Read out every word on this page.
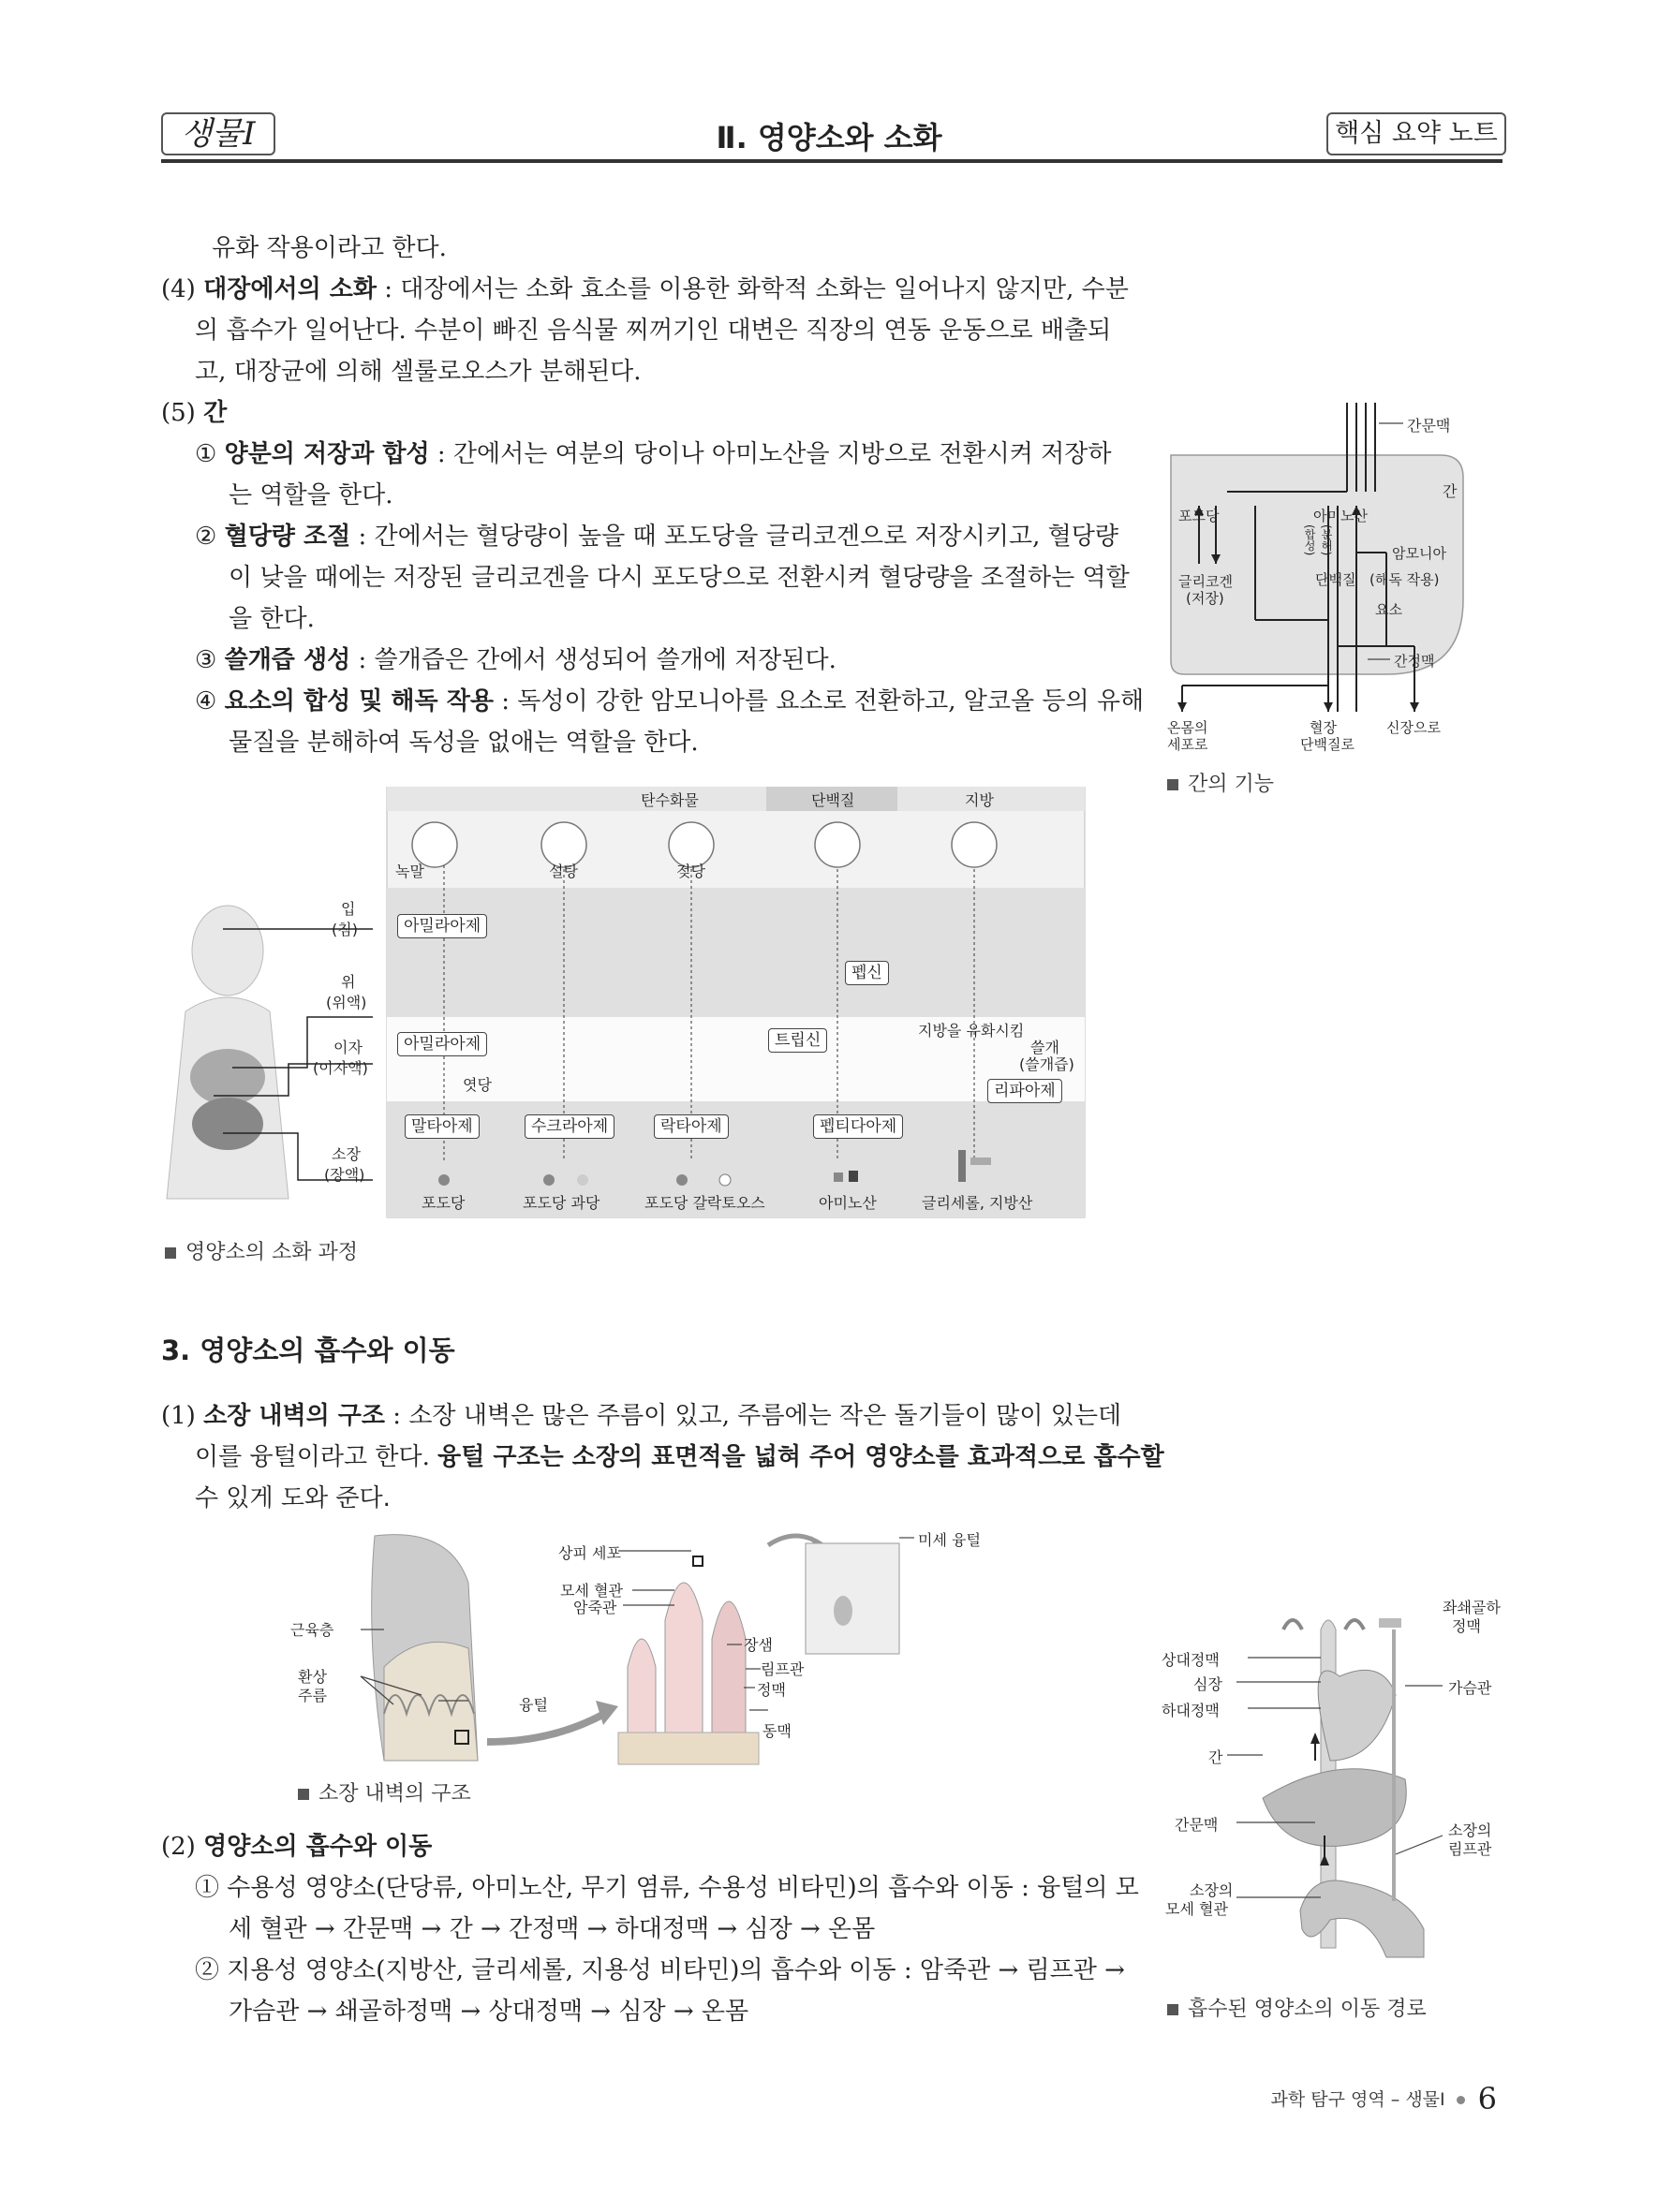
생물Ⅰ	Ⅱ. 영양소와 소화	핵심 요약 노트
유화 작용이라고 한다.
(4) 대장에서의 소화 : 대장에서는 소화 효소를 이용한 화학적 소화는 일어나지 않지만, 수분
의 흡수가 일어난다. 수분이 빠진 음식물 찌꺼기인 대변은 직장의 연동 운동으로 배출되
고, 대장균에 의해 셀룰로오스가 분해된다.
(5) 간
① 양분의 저장과 합성 : 간에서는 여분의 당이나 아미노산을 지방으로 전환시켜 저장하
는 역할을 한다.
② 혈당량 조절 : 간에서는 혈당량이 높을 때 포도당을 글리코겐으로 저장시키고, 혈당량
이 낮을 때에는 저장된 글리코겐을 다시 포도당으로 전환시켜 혈당량을 조절하는 역할
을 한다.
③ 쓸개즙 생성 : 쓸개즙은 간에서 생성되어 쓸개에 저장된다.
④ 요소의 합성 및 해독 작용 : 독성이 강한 암모니아를 요소로 전환하고, 알코올 등의 유해
물질을 분해하여 독성을 없애는 역할을 한다.
간문맥
간
포도당	아미노산
(합성) (분해)	암모니아
글리코겐
(저장)
단백질 (해독 작용)
요소
간정맥
온몸의
세포로
혈장
단백질로
신장으로
간의 기능
탄수화물	단백질	지방
녹말	설탕	젖당
입
(침)
위
(위액)
이자
(이자액)
소장
(장액)
아밀라아제
펩신
아밀라아제
엿당
트립신
지방을 유화시킴
쓸개
(쓸개즙)
리파아제
말타아제	수크라아제	락타아제	펩티다아제
포도당	포도당 과당	포도당 갈락토오스	아미노산	글리세롤, 지방산
영양소의 소화 과정
3. 영양소의 흡수와 이동
(1) 소장 내벽의 구조 : 소장 내벽은 많은 주름이 있고, 주름에는 작은 돌기들이 많이 있는데
이를 융털이라고 한다. 융털 구조는 소장의 표면적을 넓혀 주어 영양소를 효과적으로 흡수할
수 있게 도와 준다.
근육층
환상
주름
융털
상피 세포
모세 혈관
암죽관
장샘
림프관
정맥
동맥
미세 융털
소장 내벽의 구조
(2) 영양소의 흡수와 이동
① 수용성 영양소(단당류, 아미노산, 무기 염류, 수용성 비타민)의 흡수와 이동 : 융털의 모
세 혈관 → 간문맥 → 간 → 간정맥 → 하대정맥 → 심장 → 온몸
② 지용성 영양소(지방산, 글리세롤, 지용성 비타민)의 흡수와 이동 : 암죽관 → 림프관 →
가슴관 → 쇄골하정맥 → 상대정맥 → 심장 → 온몸
좌쇄골하
정맥
상대정맥
심장	가슴관
하대정맥
간
간문맥	소장의
림프관
소장의
모세 혈관
흡수된 영양소의 이동 경로
과학 탐구 영역 – 생물Ⅰ 6
